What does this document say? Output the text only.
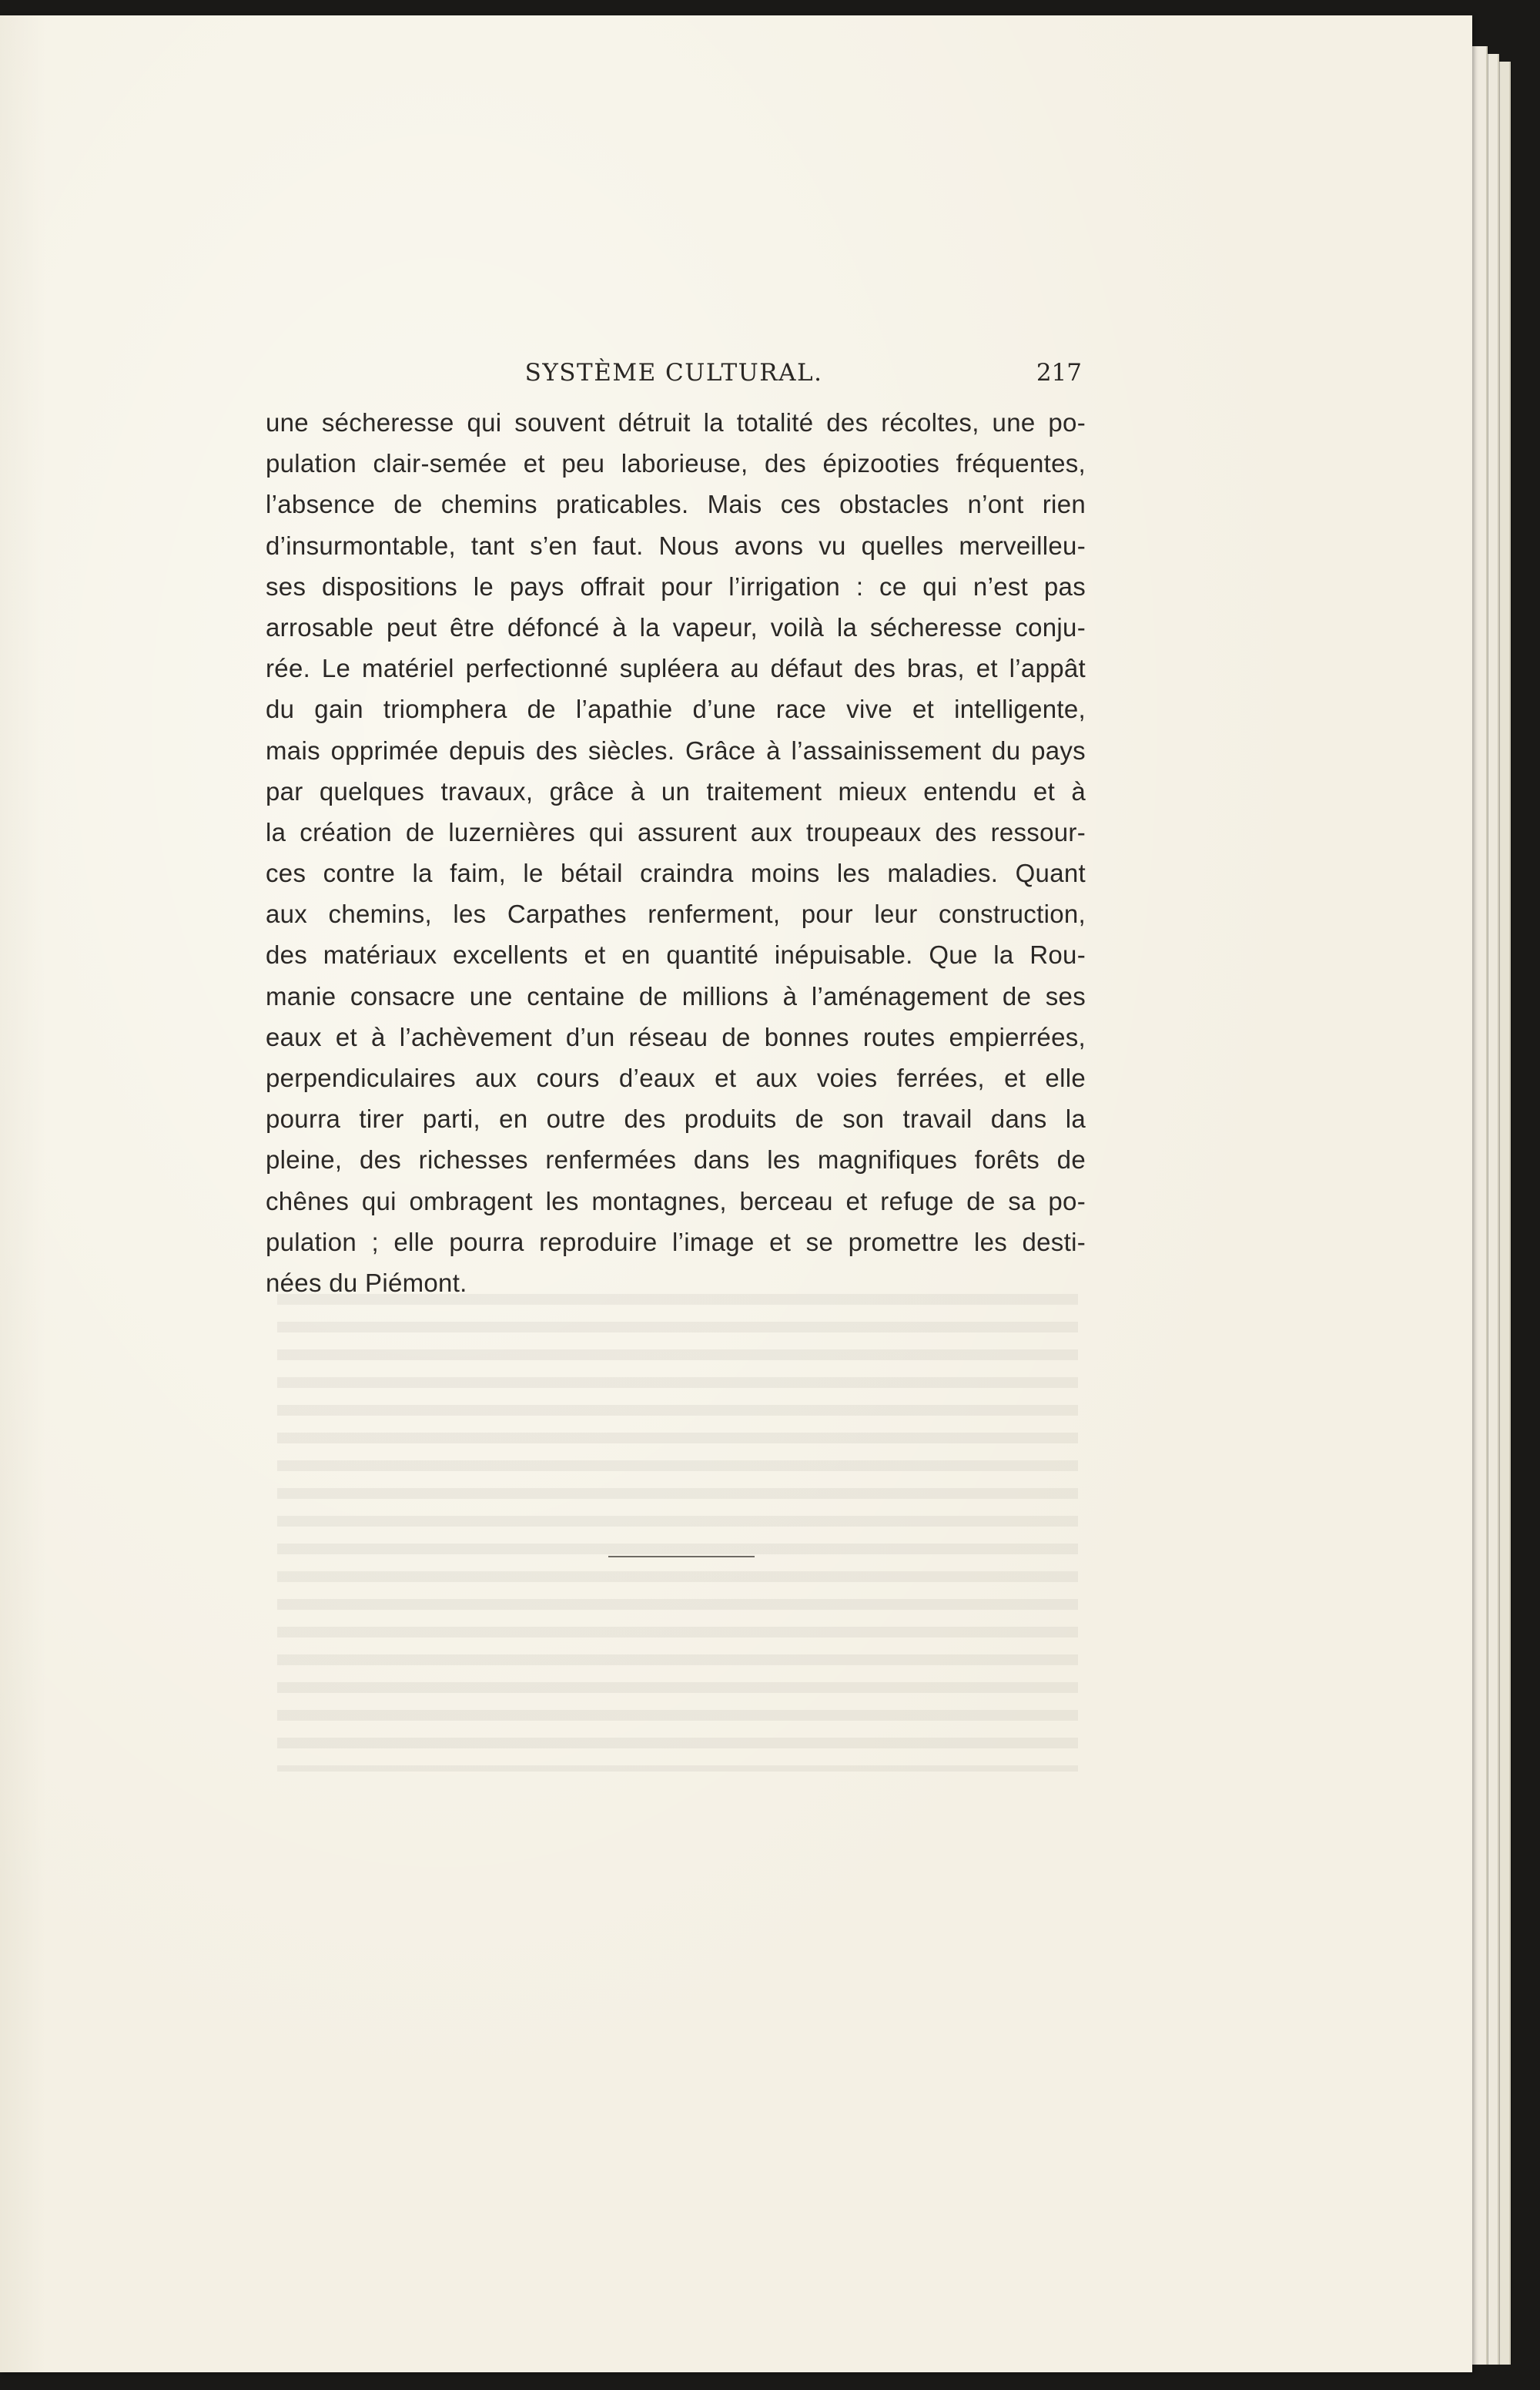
SYSTÈME CULTURAL.	217
une sécheresse qui souvent détruit la totalité des récoltes, une po-
pulation clair-semée et peu laborieuse, des épizooties fréquentes,
l’absence de chemins praticables. Mais ces obstacles n’ont rien
d’insurmontable, tant s’en faut. Nous avons vu quelles merveilleu-
ses dispositions le pays offrait pour l’irrigation : ce qui n’est pas
arrosable peut être défoncé à la vapeur, voilà la sécheresse conju-
rée. Le matériel perfectionné supléera au défaut des bras, et l’appât
du gain triomphera de l’apathie d’une race vive et intelligente,
mais opprimée depuis des siècles. Grâce à l’assainissement du pays
par quelques travaux, grâce à un traitement mieux entendu et à
la création de luzernières qui assurent aux troupeaux des ressour-
ces contre la faim, le bétail craindra moins les maladies. Quant
aux chemins, les Carpathes renferment, pour leur construction,
des matériaux excellents et en quantité inépuisable. Que la Rou-
manie consacre une centaine de millions à l’aménagement de ses
eaux et à l’achèvement d’un réseau de bonnes routes empierrées,
perpendiculaires aux cours d’eaux et aux voies ferrées, et elle
pourra tirer parti, en outre des produits de son travail dans la
pleine, des richesses renfermées dans les magnifiques forêts de
chênes qui ombragent les montagnes, berceau et refuge de sa po-
pulation ; elle pourra reproduire l’image et se promettre les desti-
nées du Piémont.
